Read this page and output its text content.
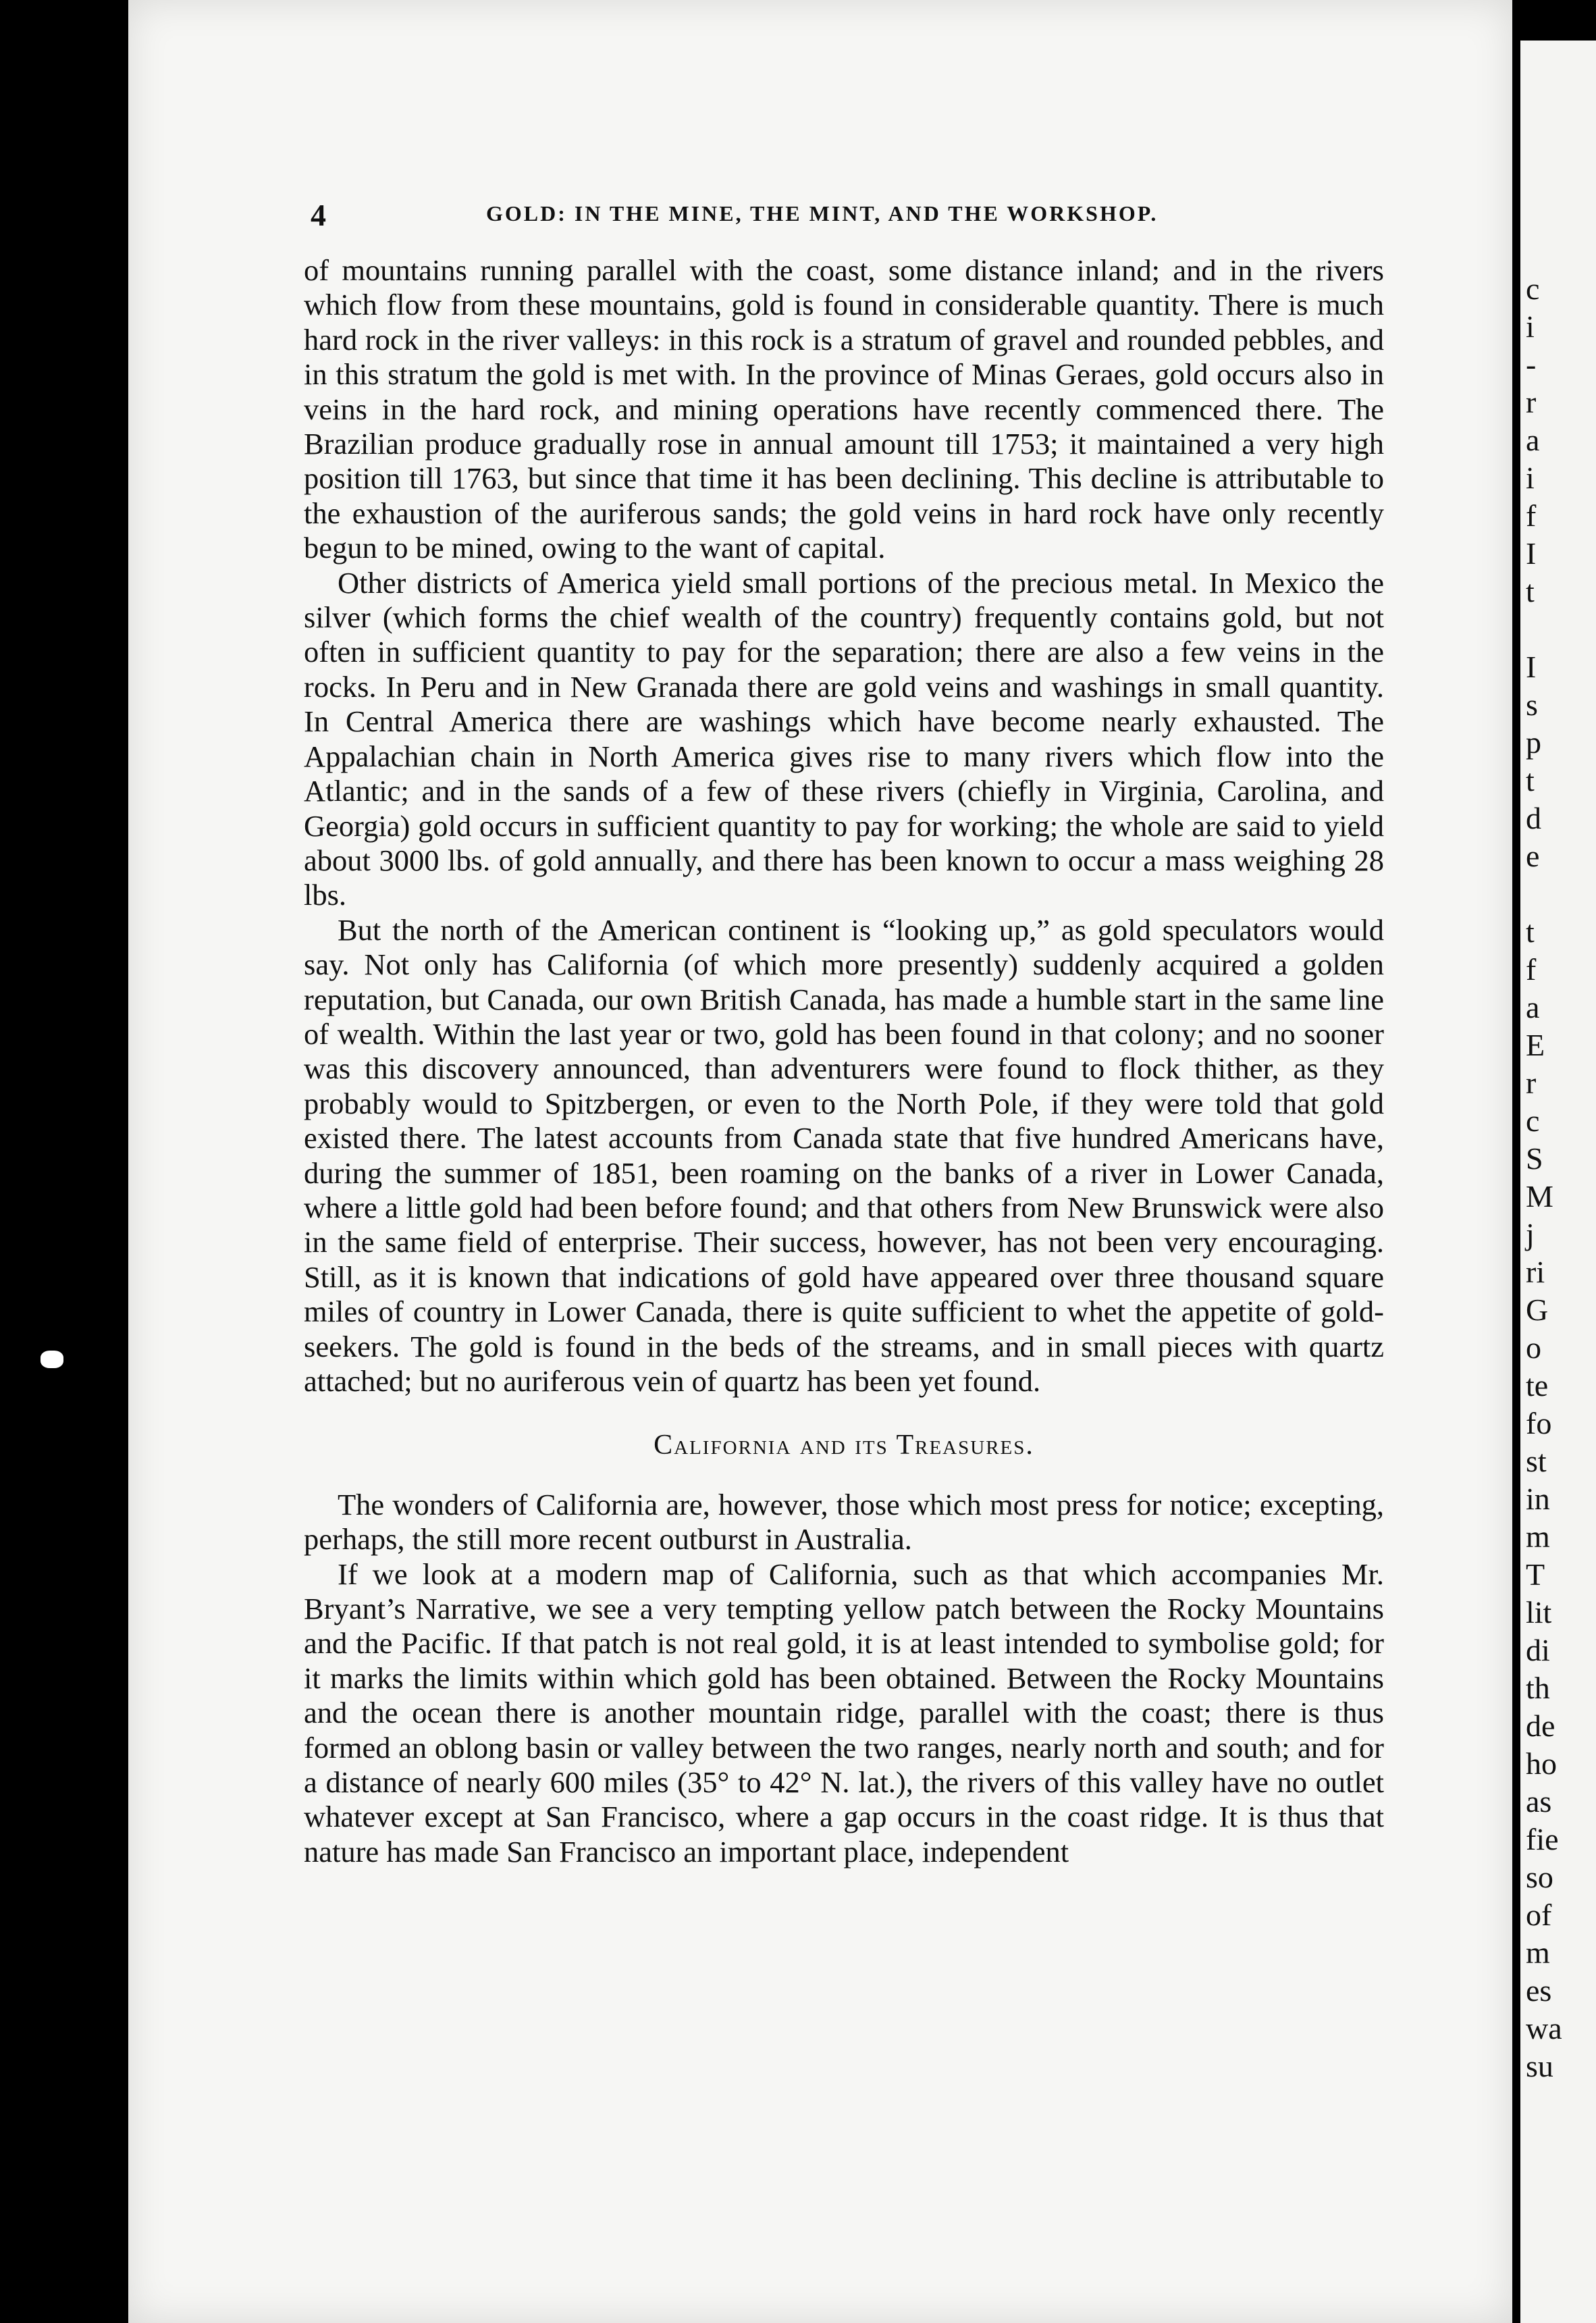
c
i
-
r
a
i
f
I
t

I
s
p
t
d
e

t
f
a
E
r
c
S
M
j
ri
G
o
te
fo
st
in
m
T
lit
di
th
de
ho
as
fie
so
of
m
es
wa
su
4	GOLD: IN THE MINE, THE MINT, AND THE WORKSHOP.

of mountains running parallel with the coast, some distance inland; and in the rivers which flow from these mountains, gold is found in considerable quantity. There is much hard rock in the river valleys: in this rock is a stratum of gravel and rounded pebbles, and in this stratum the gold is met with. In the province of Minas Geraes, gold occurs also in veins in the hard rock, and mining operations have recently commenced there. The Brazilian produce gradually rose in annual amount till 1753; it maintained a very high position till 1763, but since that time it has been declining. This decline is attributable to the exhaustion of the auriferous sands; the gold veins in hard rock have only recently begun to be mined, owing to the want of capital.

Other districts of America yield small portions of the precious metal. In Mexico the silver (which forms the chief wealth of the country) frequently contains gold, but not often in sufficient quantity to pay for the separation; there are also a few veins in the rocks. In Peru and in New Granada there are gold veins and washings in small quantity. In Central America there are washings which have become nearly exhausted. The Appalachian chain in North America gives rise to many rivers which flow into the Atlantic; and in the sands of a few of these rivers (chiefly in Virginia, Carolina, and Georgia) gold occurs in sufficient quantity to pay for working; the whole are said to yield about 3000 lbs. of gold annually, and there has been known to occur a mass weighing 28 lbs.

But the north of the American continent is “looking up,” as gold speculators would say. Not only has California (of which more presently) suddenly acquired a golden reputation, but Canada, our own British Canada, has made a humble start in the same line of wealth. Within the last year or two, gold has been found in that colony; and no sooner was this discovery announced, than adventurers were found to flock thither, as they probably would to Spitzbergen, or even to the North Pole, if they were told that gold existed there. The latest accounts from Canada state that five hundred Americans have, during the summer of 1851, been roaming on the banks of a river in Lower Canada, where a little gold had been before found; and that others from New Brunswick were also in the same field of enterprise. Their success, however, has not been very encouraging. Still, as it is known that indications of gold have appeared over three thousand square miles of country in Lower Canada, there is quite sufficient to whet the appetite of gold-seekers. The gold is found in the beds of the streams, and in small pieces with quartz attached; but no auriferous vein of quartz has been yet found.

California and its Treasures.

The wonders of California are, however, those which most press for notice; excepting, perhaps, the still more recent outburst in Australia.

If we look at a modern map of California, such as that which accompanies Mr. Bryant’s Narrative, we see a very tempting yellow patch between the Rocky Mountains and the Pacific. If that patch is not real gold, it is at least intended to symbolise gold; for it marks the limits within which gold has been obtained. Between the Rocky Mountains and the ocean there is another mountain ridge, parallel with the coast; there is thus formed an oblong basin or valley between the two ranges, nearly north and south; and for a distance of nearly 600 miles (35° to 42° N. lat.), the rivers of this valley have no outlet whatever except at San Francisco, where a gap occurs in the coast ridge. It is thus that nature has made San Francisco an important place, independent
